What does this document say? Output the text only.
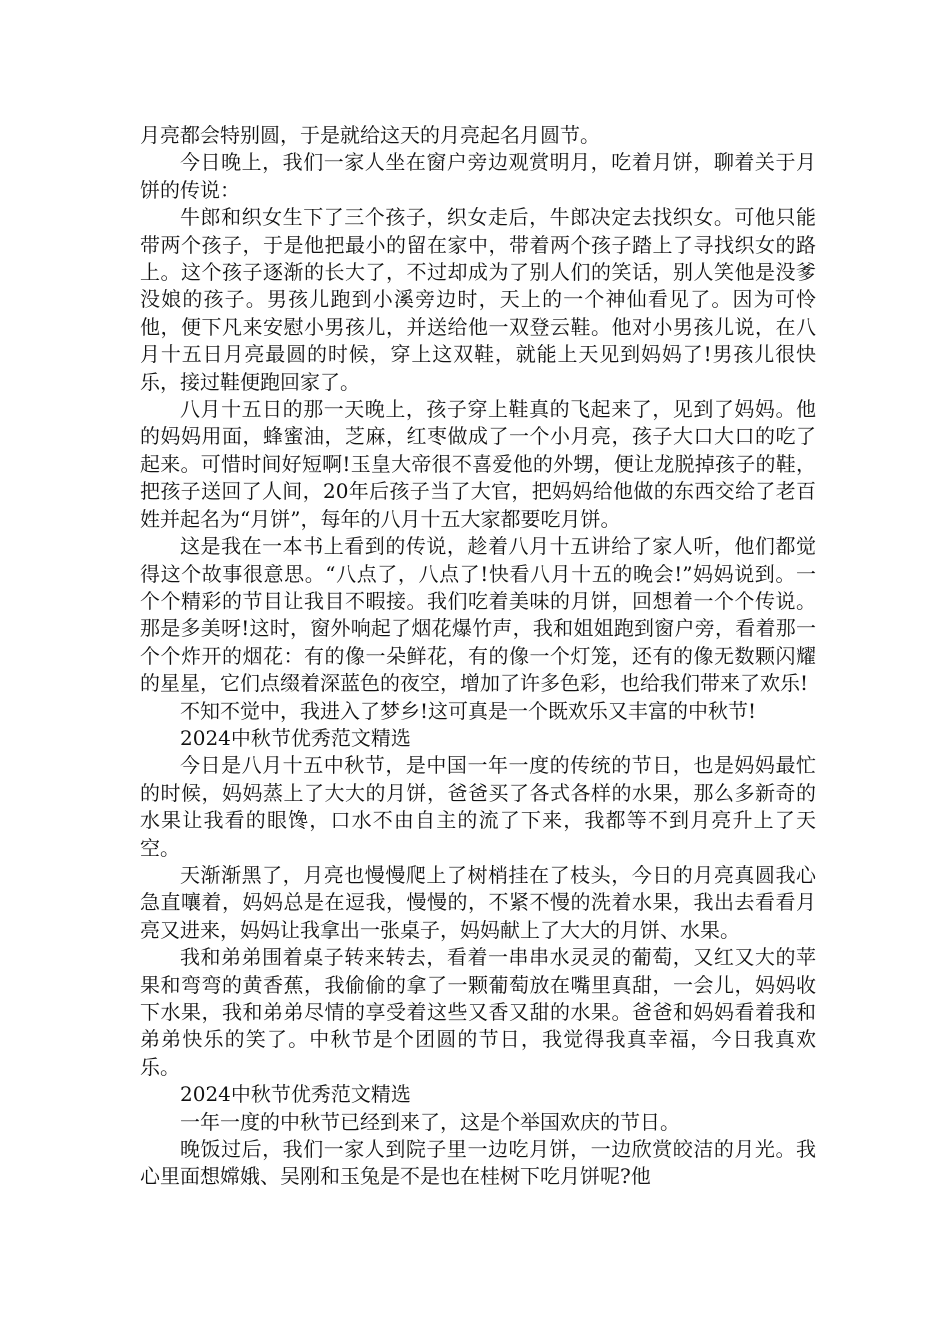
月亮都会特别圆，于是就给这天的月亮起名月圆节。

今日晚上，我们一家人坐在窗户旁边观赏明月，吃着月饼，聊着关于月饼的传说：

牛郎和织女生下了三个孩子，织女走后，牛郎决定去找织女。可他只能带两个孩子，于是他把最小的留在家中，带着两个孩子踏上了寻找织女的路上。这个孩子逐渐的长大了，不过却成为了别人们的笑话，别人笑他是没爹没娘的孩子。男孩儿跑到小溪旁边时，天上的一个神仙看见了。因为可怜他，便下凡来安慰小男孩儿，并送给他一双登云鞋。他对小男孩儿说，在八月十五日月亮最圆的时候，穿上这双鞋，就能上天见到妈妈了!男孩儿很快乐，接过鞋便跑回家了。

八月十五日的那一天晚上，孩子穿上鞋真的飞起来了，见到了妈妈。他的妈妈用面，蜂蜜油，芝麻，红枣做成了一个小月亮，孩子大口大口的吃了起来。可惜时间好短啊!玉皇大帝很不喜爱他的外甥，便让龙脱掉孩子的鞋，把孩子送回了人间，20年后孩子当了大官，把妈妈给他做的东西交给了老百姓并起名为“月饼”，每年的八月十五大家都要吃月饼。

这是我在一本书上看到的传说，趁着八月十五讲给了家人听，他们都觉得这个故事很意思。“八点了，八点了!快看八月十五的晚会!”妈妈说到。一个个精彩的节目让我目不暇接。我们吃着美味的月饼，回想着一个个传说。那是多美呀!这时，窗外响起了烟花爆竹声，我和姐姐跑到窗户旁，看着那一个个炸开的烟花：有的像一朵鲜花，有的像一个灯笼，还有的像无数颗闪耀的星星，它们点缀着深蓝色的夜空，增加了许多色彩，也给我们带来了欢乐!

不知不觉中，我进入了梦乡!这可真是一个既欢乐又丰富的中秋节!

2024中秋节优秀范文精选

今日是八月十五中秋节，是中国一年一度的传统的节日，也是妈妈最忙的时候，妈妈蒸上了大大的月饼，爸爸买了各式各样的水果，那么多新奇的水果让我看的眼馋，口水不由自主的流了下来，我都等不到月亮升上了天空。

天渐渐黑了，月亮也慢慢爬上了树梢挂在了枝头，今日的月亮真圆我心急直嚷着，妈妈总是在逗我，慢慢的，不紧不慢的洗着水果，我出去看看月亮又进来，妈妈让我拿出一张桌子，妈妈献上了大大的月饼、水果。

我和弟弟围着桌子转来转去，看着一串串水灵灵的葡萄，又红又大的苹果和弯弯的黄香蕉，我偷偷的拿了一颗葡萄放在嘴里真甜，一会儿，妈妈收下水果，我和弟弟尽情的享受着这些又香又甜的水果。爸爸和妈妈看着我和弟弟快乐的笑了。中秋节是个团圆的节日，我觉得我真幸福，今日我真欢乐。

2024中秋节优秀范文精选

一年一度的中秋节已经到来了，这是个举国欢庆的节日。

晚饭过后，我们一家人到院子里一边吃月饼，一边欣赏皎洁的月光。我心里面想嫦娥、吴刚和玉兔是不是也在桂树下吃月饼呢?他
